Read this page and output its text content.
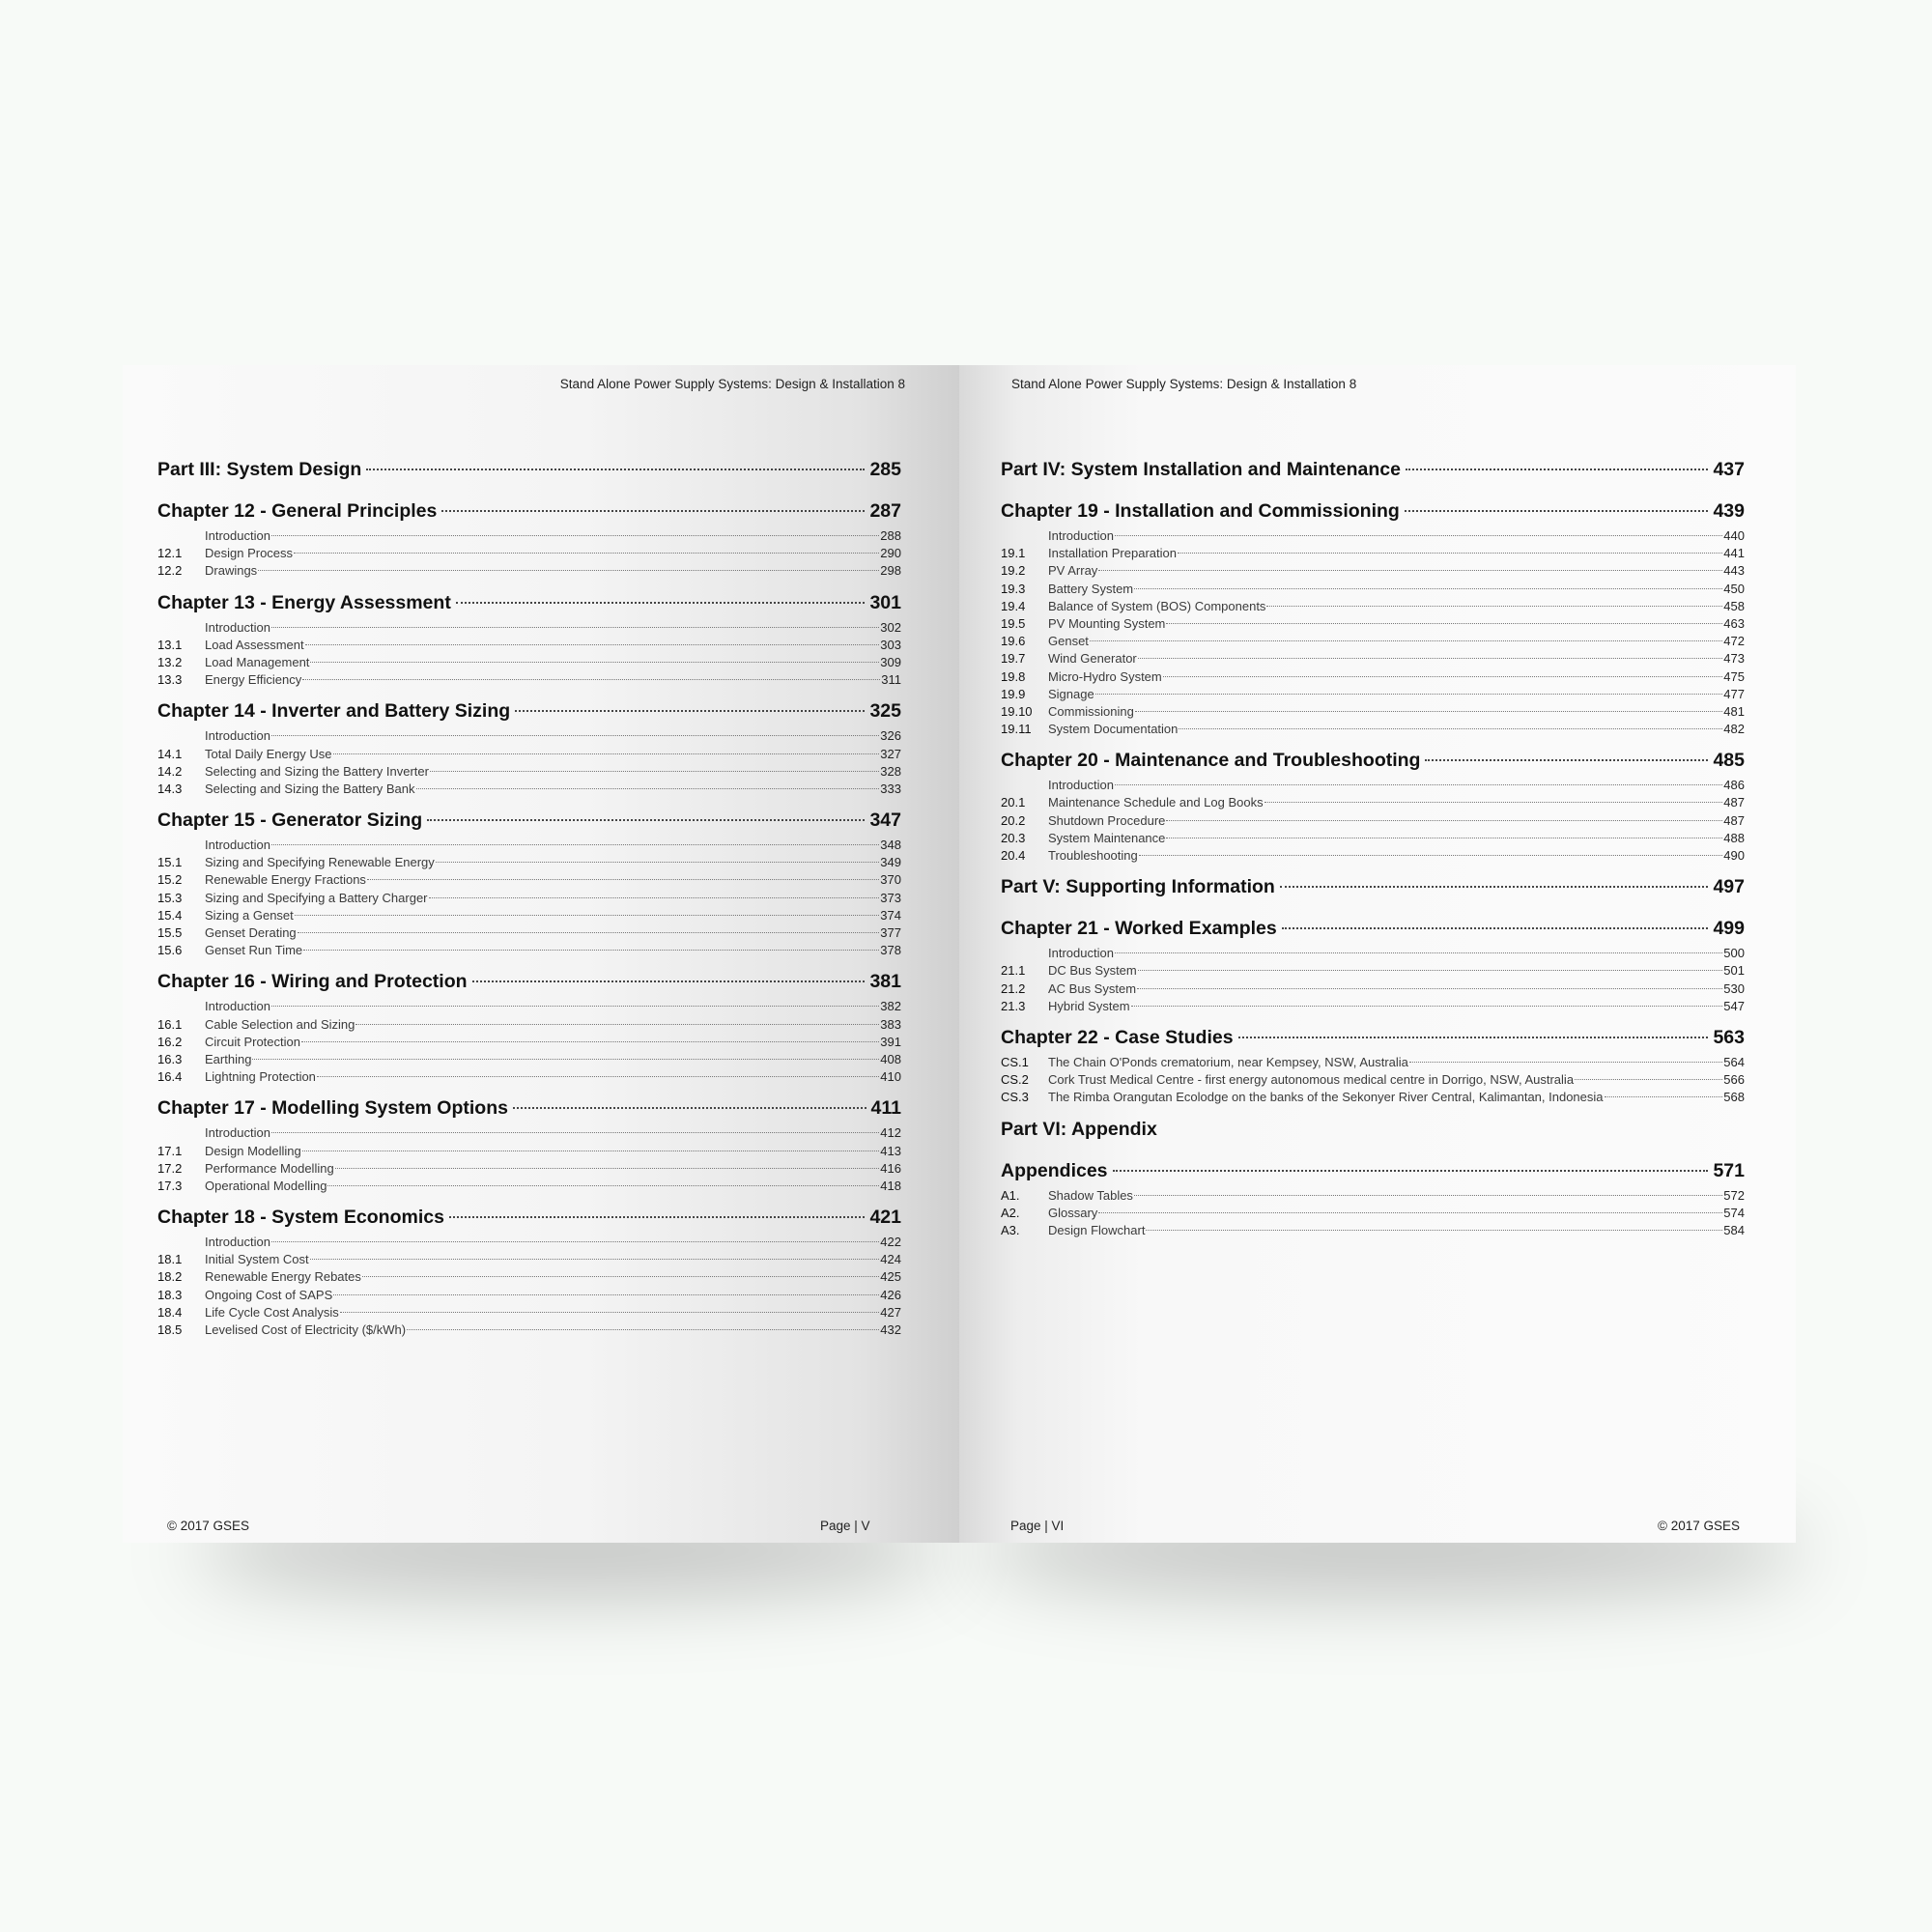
Stand Alone Power Supply Systems: Design & Installation 8
Part III: System Design	285
Chapter 12 - General Principles	287
Introduction	288
12.1	Design Process	290
12.2	Drawings	298
Chapter 13 - Energy Assessment	301
Introduction	302
13.1	Load Assessment	303
13.2	Load Management	309
13.3	Energy Efficiency	311
Chapter 14 - Inverter and Battery Sizing	325
Introduction	326
14.1	Total Daily Energy Use	327
14.2	Selecting and Sizing the Battery Inverter	328
14.3	Selecting and Sizing the Battery Bank	333
Chapter 15 - Generator Sizing	347
Introduction	348
15.1	Sizing and Specifying Renewable Energy	349
15.2	Renewable Energy Fractions	370
15.3	Sizing and Specifying a Battery Charger	373
15.4	Sizing a Genset	374
15.5	Genset Derating	377
15.6	Genset Run Time	378
Chapter 16 - Wiring and Protection	381
Introduction	382
16.1	Cable Selection and Sizing	383
16.2	Circuit Protection	391
16.3	Earthing	408
16.4	Lightning Protection	410
Chapter 17 - Modelling System Options	411
Introduction	412
17.1	Design Modelling	413
17.2	Performance Modelling	416
17.3	Operational Modelling	418
Chapter 18 - System Economics	421
Introduction	422
18.1	Initial System Cost	424
18.2	Renewable Energy Rebates	425
18.3	Ongoing Cost of SAPS	426
18.4	Life Cycle Cost Analysis	427
18.5	Levelised Cost of Electricity ($/kWh)	432
© 2017 GSES	Page | V
Stand Alone Power Supply Systems: Design & Installation 8
Part IV: System Installation and Maintenance	437
Chapter 19 - Installation and Commissioning	439
Introduction	440
19.1	Installation Preparation	441
19.2	PV Array	443
19.3	Battery System	450
19.4	Balance of System (BOS) Components	458
19.5	PV Mounting System	463
19.6	Genset	472
19.7	Wind Generator	473
19.8	Micro-Hydro System	475
19.9	Signage	477
19.10	Commissioning	481
19.11	System Documentation	482
Chapter 20 - Maintenance and Troubleshooting	485
Introduction	486
20.1	Maintenance Schedule and Log Books	487
20.2	Shutdown Procedure	487
20.3	System Maintenance	488
20.4	Troubleshooting	490
Part V: Supporting Information	497
Chapter 21 - Worked Examples	499
Introduction	500
21.1	DC Bus System	501
21.2	AC Bus System	530
21.3	Hybrid System	547
Chapter 22 - Case Studies	563
CS.1	The Chain O'Ponds crematorium, near Kempsey, NSW, Australia	564
CS.2	Cork Trust Medical Centre - first energy autonomous medical centre in Dorrigo, NSW, Australia	566
CS.3	The Rimba Orangutan Ecolodge on the banks of the Sekonyer River Central, Kalimantan, Indonesia	568
Part VI: Appendix
Appendices	571
A1.	Shadow Tables	572
A2.	Glossary	574
A3.	Design Flowchart	584
Page | VI	© 2017 GSES
